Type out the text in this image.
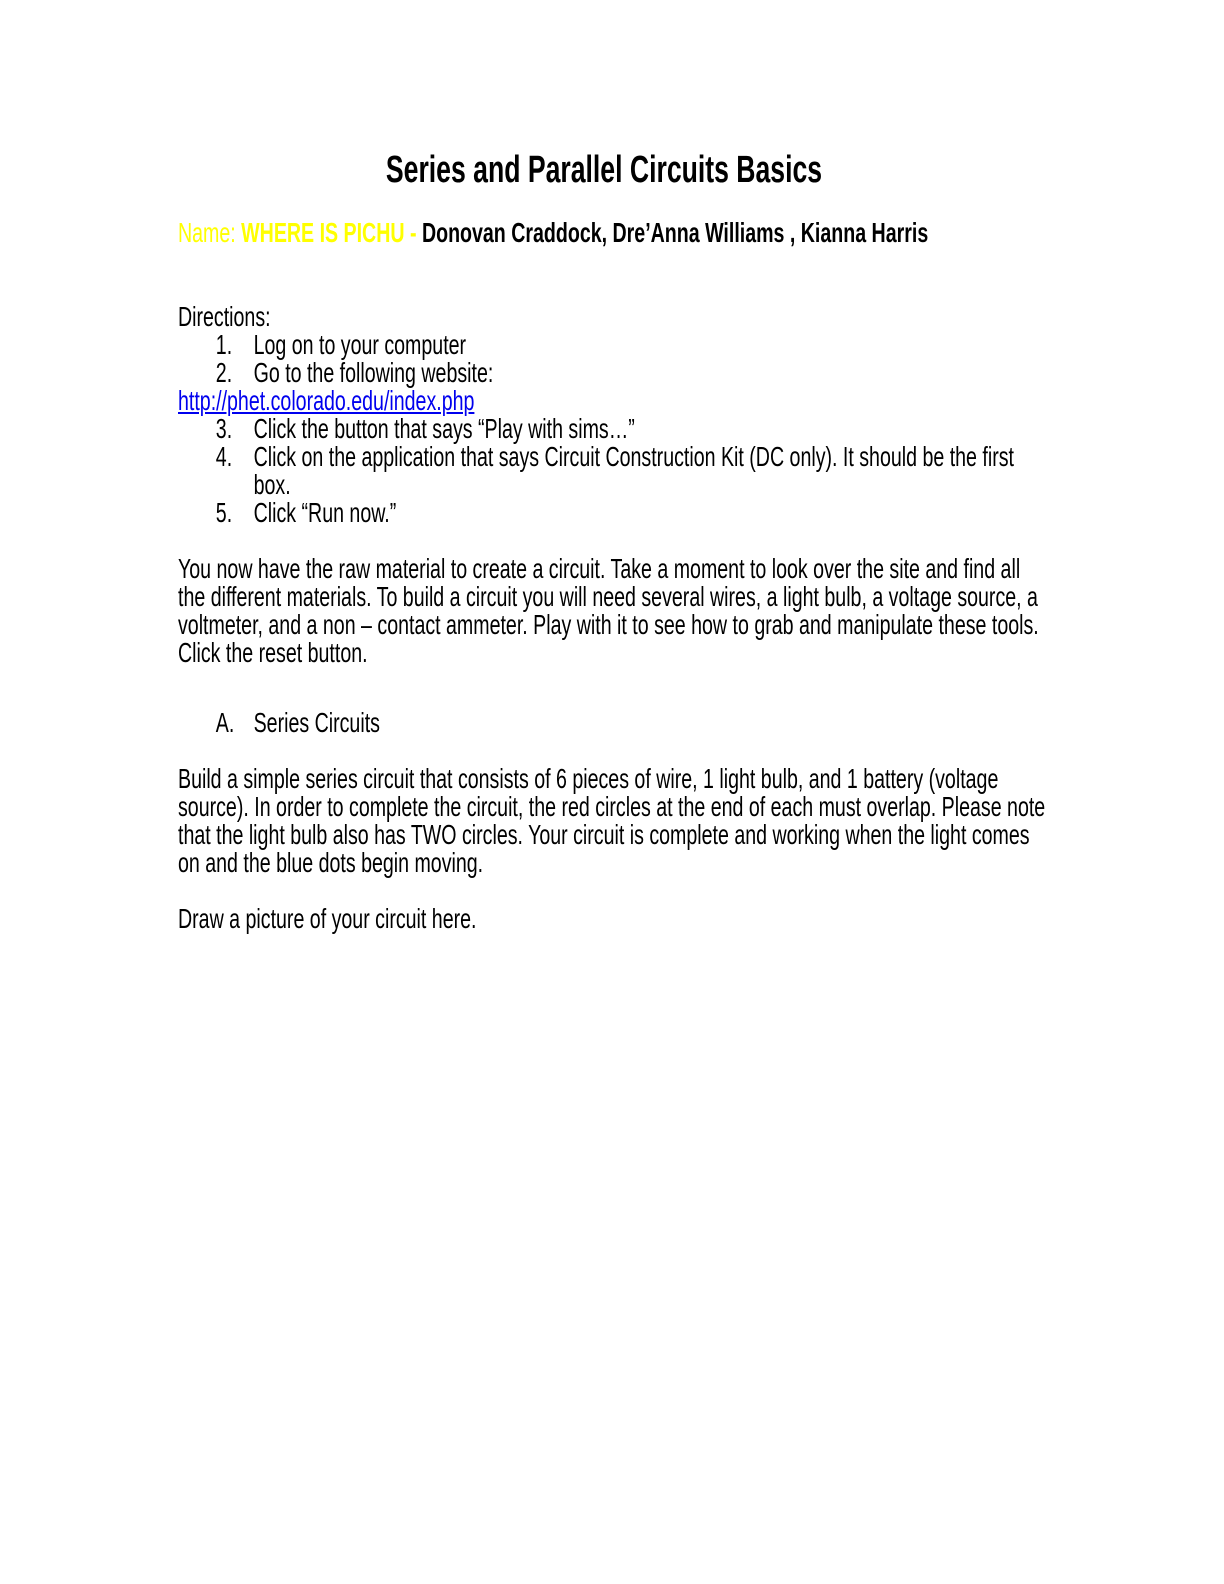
Series and Parallel Circuits Basics

Name: WHERE IS PICHU - Donovan Craddock, Dre’Anna Williams , Kianna Harris

Directions:

1. Log on to your computer
2. Go to the following website:

http://phet.colorado.edu/index.php

3. Click the button that says “Play with sims…”
4. Click on the application that says Circuit Construction Kit (DC only). It should be the first box.
5. Click “Run now.”

You now have the raw material to create a circuit. Take a moment to look over the site and find all the different materials. To build a circuit you will need several wires, a light bulb, a voltage source, a voltmeter, and a non – contact ammeter. Play with it to see how to grab and manipulate these tools.

Click the reset button.

A. Series Circuits

Build a simple series circuit that consists of 6 pieces of wire, 1 light bulb, and 1 battery (voltage source). In order to complete the circuit, the red circles at the end of each must overlap. Please note that the light bulb also has TWO circles. Your circuit is complete and working when the light comes on and the blue dots begin moving.

Draw a picture of your circuit here.
